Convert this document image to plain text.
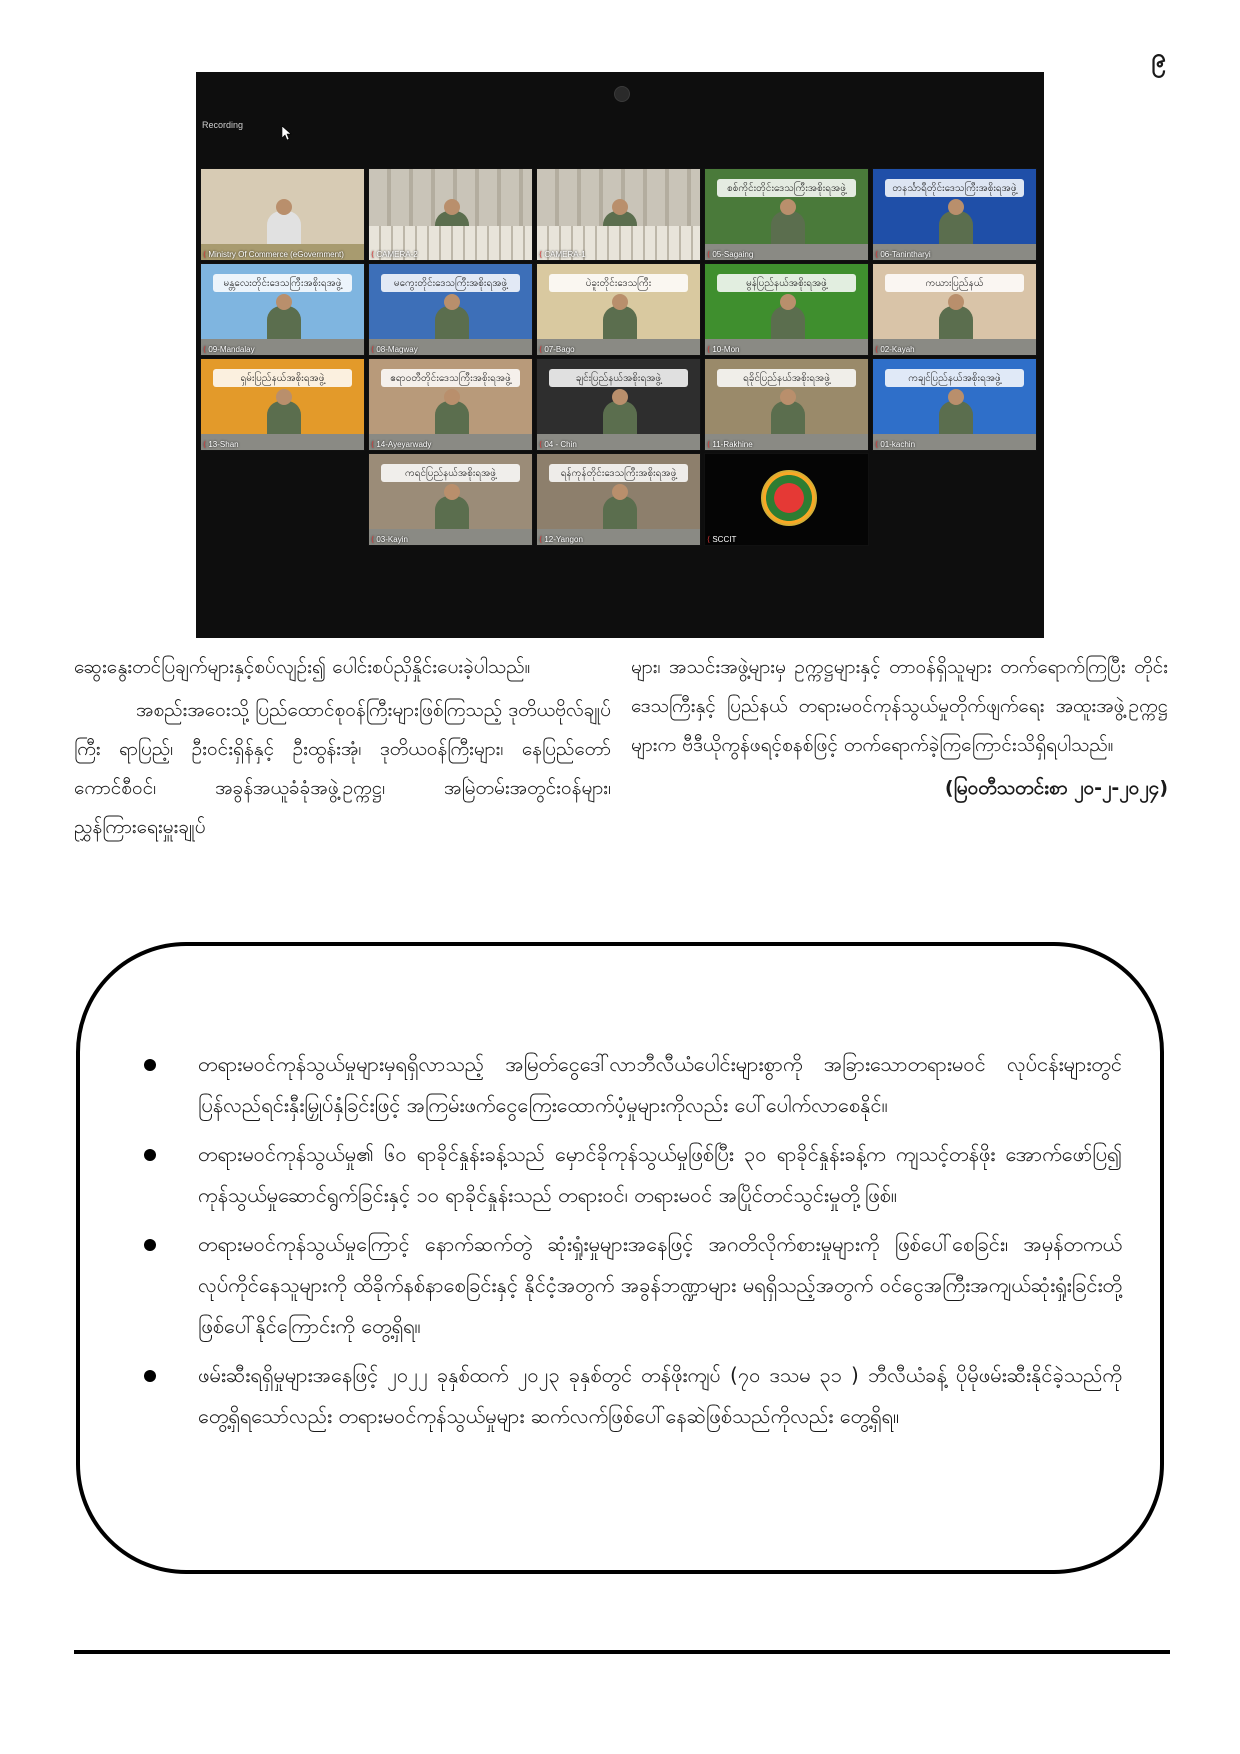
၉
Recording
⟨ Ministry Of Commerce (eGovernment)	⟨ CAMERA-2	⟨ CAMERA-1
စစ်ကိုင်းတိုင်းဒေသကြီးအစိုးရအဖွဲ့
⟨ 05-Sagaing
တနင်္သာရီတိုင်းဒေသကြီးအစိုးရအဖွဲ့
⟨ 06-Tanintharyi
မန္တလေးတိုင်းဒေသကြီးအစိုးရအဖွဲ့
⟨ 09-Mandalay
မကွေးတိုင်းဒေသကြီးအစိုးရအဖွဲ့
⟨ 08-Magway
ပဲခူးတိုင်းဒေသကြီး
⟨ 07-Bago
မွန်ပြည်နယ်အစိုးရအဖွဲ့
⟨ 10-Mon
ကယားပြည်နယ်
⟨ 02-Kayah
ရှမ်းပြည်နယ်အစိုးရအဖွဲ့
⟨ 13-Shan
ဧရာဝတီတိုင်းဒေသကြီးအစိုးရအဖွဲ့
⟨ 14-Ayeyarwady
ချင်းပြည်နယ်အစိုးရအဖွဲ့
⟨ 04 - Chin
ရခိုင်ပြည်နယ်အစိုးရအဖွဲ့
⟨ 11-Rakhine
ကချင်ပြည်နယ်အစိုးရအဖွဲ့
⟨ 01-kachin
ကရင်ပြည်နယ်အစိုးရအဖွဲ့
⟨ 03-Kayin
ရန်ကုန်တိုင်းဒေသကြီးအစိုးရအဖွဲ့
⟨ 12-Yangon	⟨ SCCIT

ဆွေးနွေးတင်ပြချက်များနှင့်စပ်လျဉ်း၍ ပေါင်းစပ်ညှိနှိုင်းပေးခဲ့ပါသည်။

အစည်းအဝေးသို့ ပြည်ထောင်စုဝန်ကြီးများဖြစ်ကြသည့် ဒုတိယဗိုလ်ချုပ်ကြီး ရာပြည့်၊ ဦးဝင်းရှိန်နှင့် ဦးထွန်းအုံ၊ ဒုတိယဝန်ကြီးများ၊ နေပြည်တော်ကောင်စီဝင်၊ အခွန်အယူခံခုံအဖွဲ့ဥက္ကဋ္ဌ၊ အမြဲတမ်းအတွင်းဝန်များ၊ ညွှန်ကြားရေးမှူးချုပ်

များ၊ အသင်းအဖွဲ့များမှ ဥက္ကဋ္ဌများနှင့် တာဝန်ရှိသူများ တက်ရောက်ကြပြီး တိုင်းဒေသကြီးနှင့် ပြည်နယ် တရားမဝင်ကုန်သွယ်မှုတိုက်ဖျက်ရေး အထူးအဖွဲ့ဥက္ကဋ္ဌများက ဗီဒီယိုကွန်ဖရင့်စနစ်ဖြင့် တက်ရောက်ခဲ့ကြကြောင်းသိရှိရပါသည်။

(မြဝတီသတင်းစာ ၂၀-၂-၂၀၂၄)

တရားမဝင်ကုန်သွယ်မှုများမှရရှိလာသည့် အမြတ်ငွေဒေါ်လာဘီလီယံပေါင်းများစွာကို အခြားသောတရားမဝင် လုပ်ငန်းများတွင် ပြန်လည်ရင်းနှီးမြှုပ်နှံခြင်းဖြင့် အကြမ်းဖက်ငွေကြေးထောက်ပံ့မှုများကိုလည်း ပေါ်ပေါက်လာစေနိုင်။
တရားမဝင်ကုန်သွယ်မှု၏ ၆၀ ရာခိုင်နှုန်းခန့်သည် မှောင်ခိုကုန်သွယ်မှုဖြစ်ပြီး ၃၀ ရာခိုင်နှုန်းခန့်က ကျသင့်တန်ဖိုး အောက်ဖော်ပြ၍ ကုန်သွယ်မှုဆောင်ရွက်ခြင်းနှင့် ၁၀ ရာခိုင်နှုန်းသည် တရားဝင်၊ တရားမဝင် အပြိုင်တင်သွင်းမှုတို့ဖြစ်။
တရားမဝင်ကုန်သွယ်မှုကြောင့် နောက်ဆက်တွဲ ဆုံးရှုံးမှုများအနေဖြင့် အဂတိလိုက်စားမှုများကို ဖြစ်ပေါ်စေခြင်း၊ အမှန်တကယ်လုပ်ကိုင်နေသူများကို ထိခိုက်နစ်နာစေခြင်းနှင့် နိုင်ငံ့အတွက် အခွန်ဘဏ္ဍာများ မရရှိသည့်အတွက် ဝင်ငွေအကြီးအကျယ်ဆုံးရှုံးခြင်းတို့ ဖြစ်ပေါ်နိုင်ကြောင်းကို တွေ့ရှိရ။
ဖမ်းဆီးရရှိမှုများအနေဖြင့် ၂၀၂၂ ခုနှစ်ထက် ၂၀၂၃ ခုနှစ်တွင် တန်ဖိုးကျပ် (၇၀ ဒသမ ၃၁ ) ဘီလီယံခန့် ပိုမိုဖမ်းဆီးနိုင်ခဲ့သည်ကို တွေ့ရှိရသော်လည်း တရားမဝင်ကုန်သွယ်မှုများ ဆက်လက်ဖြစ်ပေါ်နေဆဲဖြစ်သည်ကိုလည်း တွေ့ရှိရ။
